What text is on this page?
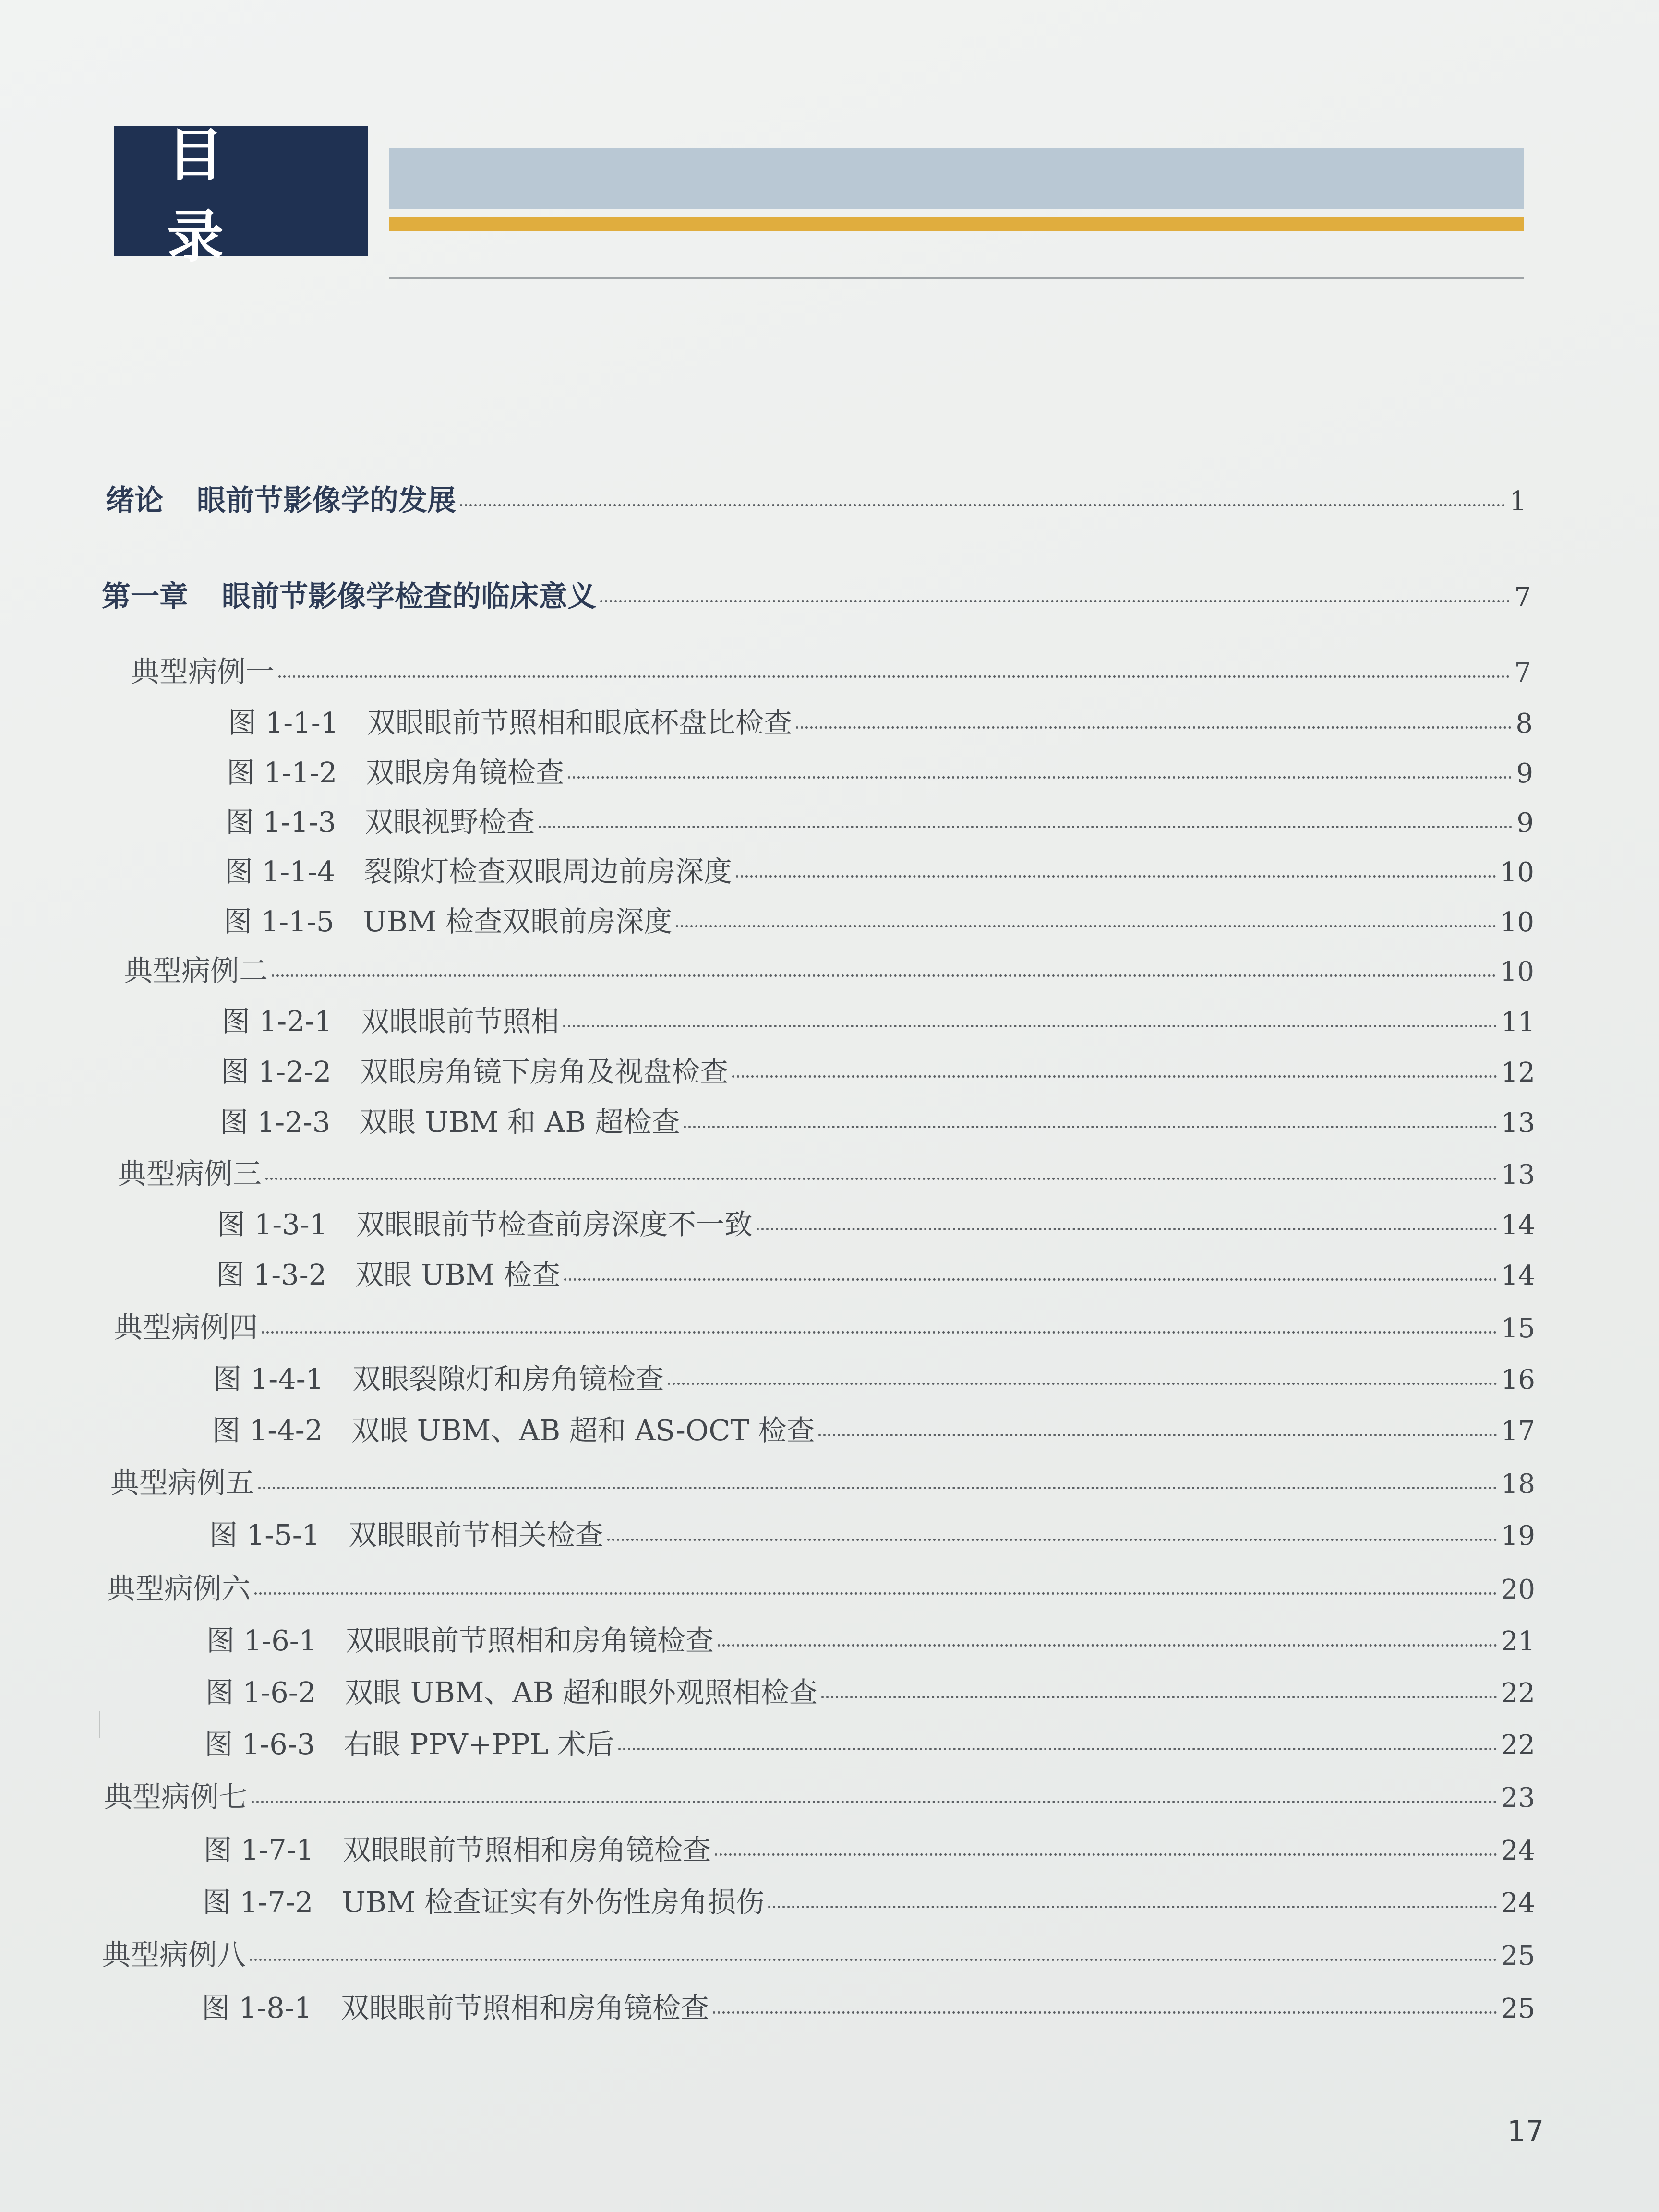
目 录
绪论 眼前节影像学的发展	1
第一章 眼前节影像学检查的临床意义	7
典型病例一	7
图 1-1-1	双眼眼前节照相和眼底杯盘比检查	8
图 1-1-2	双眼房角镜检查	9
图 1-1-3	双眼视野检查	9
图 1-1-4	裂隙灯检查双眼周边前房深度	10
图 1-1-5	UBM 检查双眼前房深度	10
典型病例二	10
图 1-2-1	双眼眼前节照相	11
图 1-2-2	双眼房角镜下房角及视盘检查	12
图 1-2-3	双眼 UBM 和 AB 超检查	13
典型病例三	13
图 1-3-1	双眼眼前节检查前房深度不一致	14
图 1-3-2	双眼 UBM 检查	14
典型病例四	15
图 1-4-1	双眼裂隙灯和房角镜检查	16
图 1-4-2	双眼 UBM、AB 超和 AS-OCT 检查	17
典型病例五	18
图 1-5-1	双眼眼前节相关检查	19
典型病例六	20
图 1-6-1	双眼眼前节照相和房角镜检查	21
图 1-6-2	双眼 UBM、AB 超和眼外观照相检查	22
图 1-6-3	右眼 PPV+PPL 术后	22
典型病例七	23
图 1-7-1	双眼眼前节照相和房角镜检查	24
图 1-7-2	UBM 检查证实有外伤性房角损伤	24
典型病例八	25
图 1-8-1	双眼眼前节照相和房角镜检查	25
17
